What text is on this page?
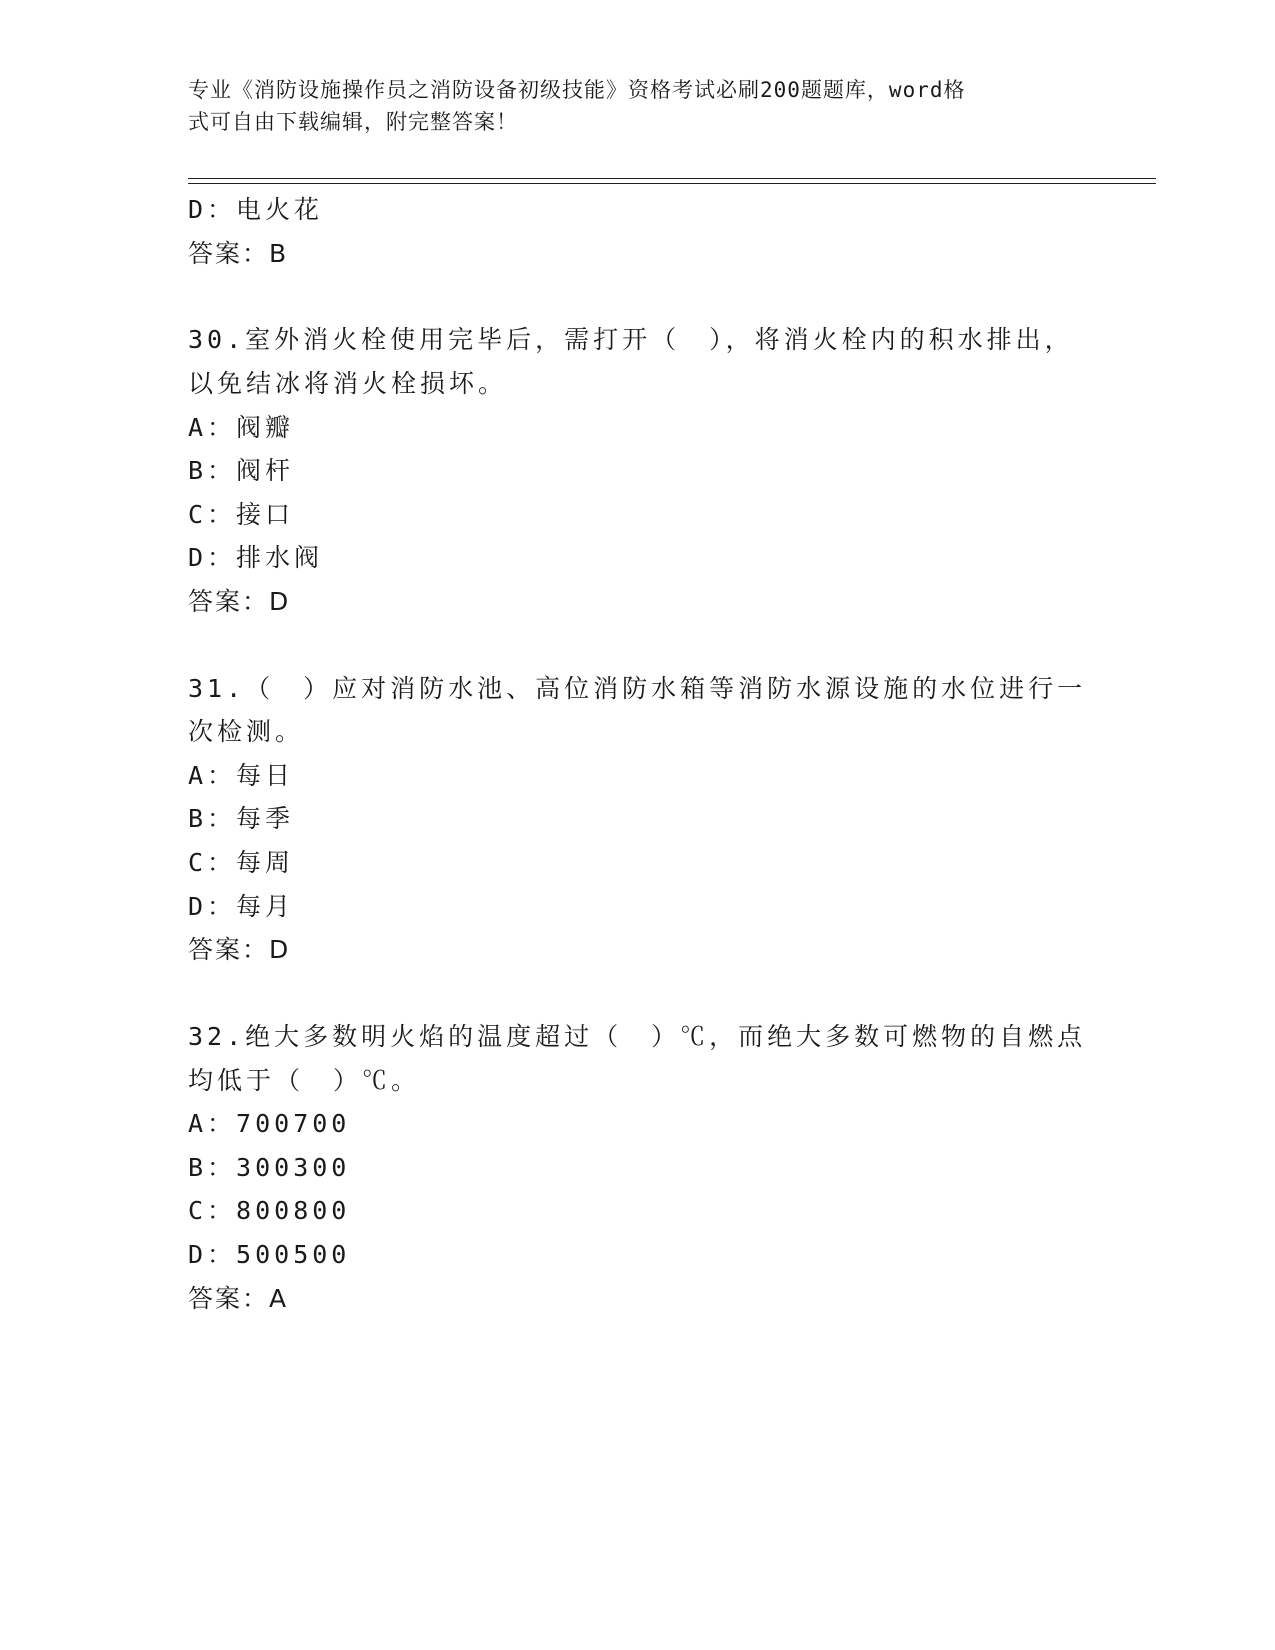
专业《消防设施操作员之消防设备初级技能》资格考试必刷200题题库，word格
式可自由下载编辑，附完整答案！
D：电火花
答案：B
30.室外消火栓使用完毕后，需打开（　），将消火栓内的积水排出，
以免结冰将消火栓损坏。
A：阀瓣
B：阀杆
C：接口
D：排水阀
答案：D
31.（　）应对消防水池、高位消防水箱等消防水源设施的水位进行一
次检测。
A：每日
B：每季
C：每周
D：每月
答案：D
32.绝大多数明火焰的温度超过（　）℃，而绝大多数可燃物的自燃点
均低于（　）℃。
A：700700
B：300300
C：800800
D：500500
答案：A
